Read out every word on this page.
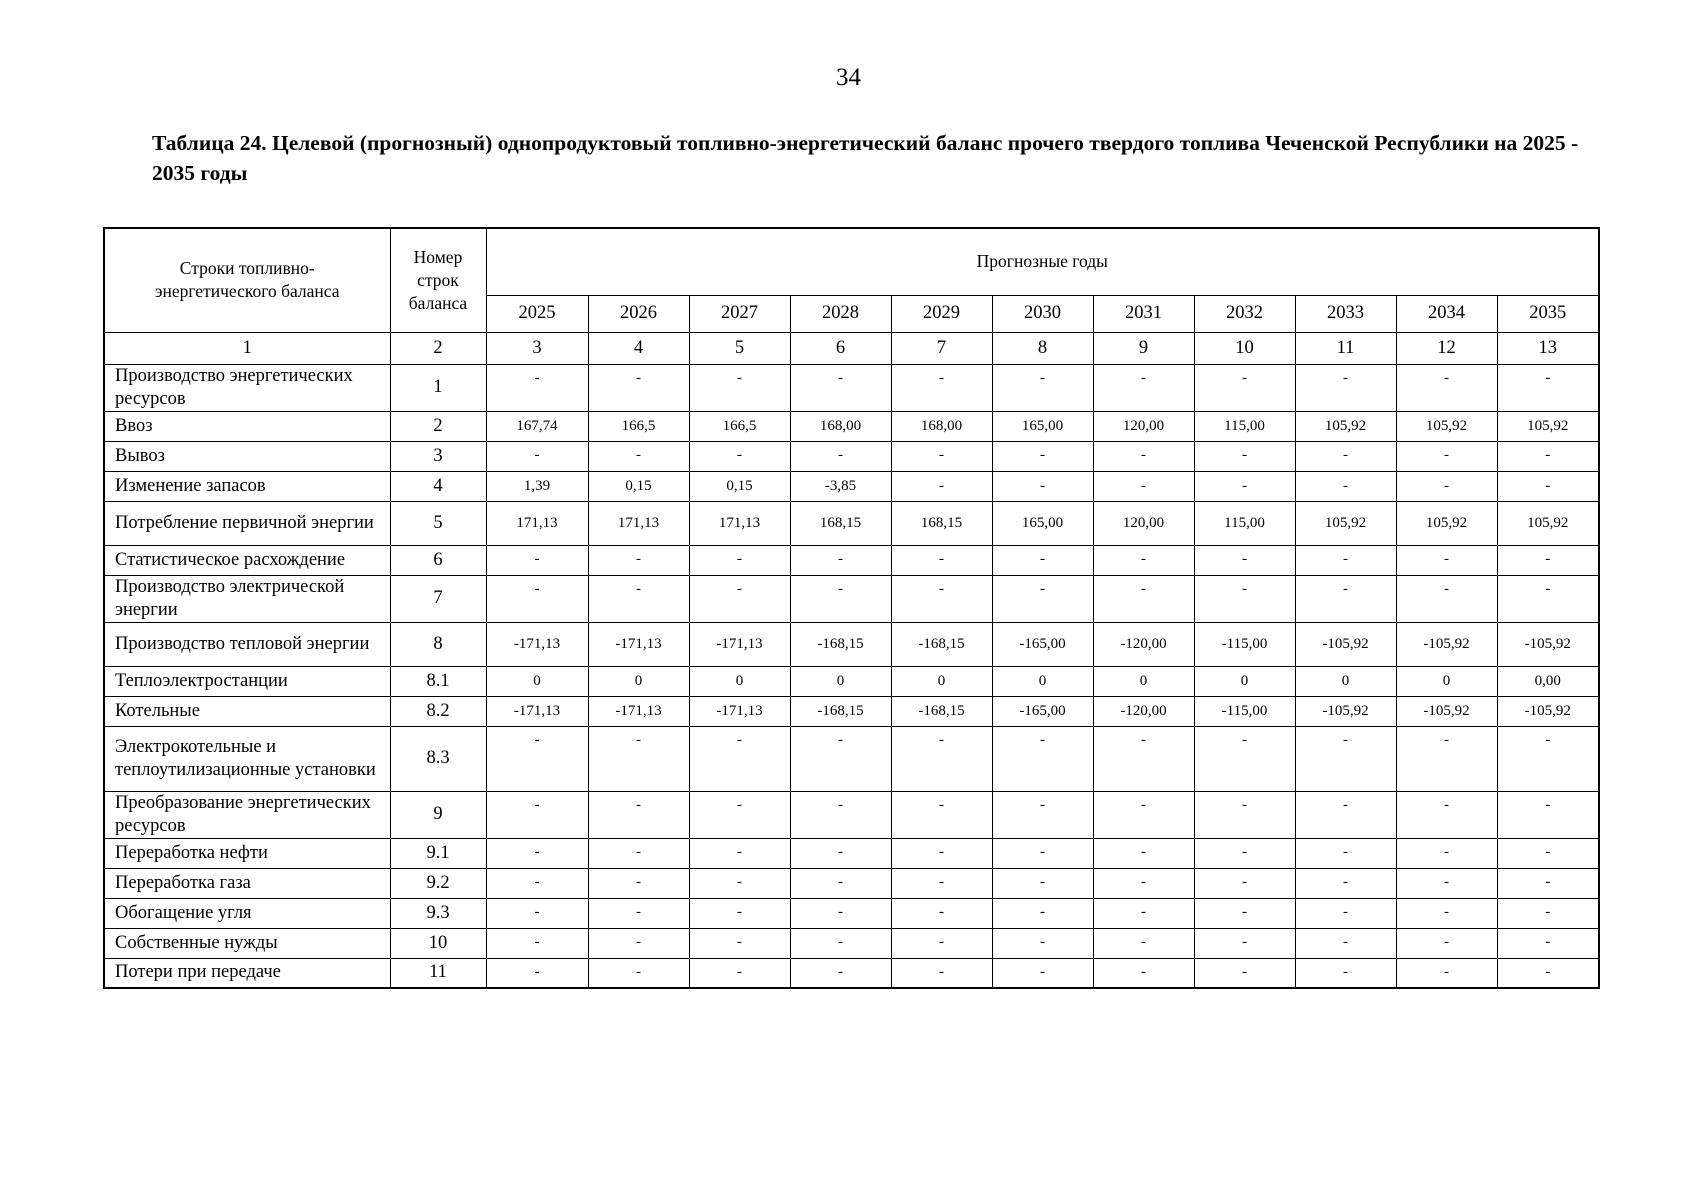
34
Таблица 24. Целевой (прогнозный) однопродуктовый топливно-энергетический баланс прочего твердого топлива Чеченской Республики на 2025 - 2035 годы
Строки топливно-энергетического баланса	Номер строк баланса	Прогнозные годы										
		2025	2026	2027	2028	2029	2030	2031	2032	2033	2034	2035
1	2	3	4	5	6	7	8	9	10	11	12	13
Производство энергетических ресурсов	1	-	-	-	-	-	-	-	-	-	-	-
Ввоз	2	167,74	166,5	166,5	168,00	168,00	165,00	120,00	115,00	105,92	105,92	105,92
Вывоз	3	-	-	-	-	-	-	-	-	-	-	-
Изменение запасов	4	1,39	0,15	0,15	-3,85	-	-	-	-	-	-	-
Потребление первичной энергии	5	171,13	171,13	171,13	168,15	168,15	165,00	120,00	115,00	105,92	105,92	105,92
Статистическое расхождение	6	-	-	-	-	-	-	-	-	-	-	-
Производство электрической энергии	7	-	-	-	-	-	-	-	-	-	-	-
Производство тепловой энергии	8	-171,13	-171,13	-171,13	-168,15	-168,15	-165,00	-120,00	-115,00	-105,92	-105,92	-105,92
Теплоэлектростанции	8.1	0	0	0	0	0	0	0	0	0	0	0,00
Котельные	8.2	-171,13	-171,13	-171,13	-168,15	-168,15	-165,00	-120,00	-115,00	-105,92	-105,92	-105,92
Электрокотельные и теплоутилизационные установки	8.3	-	-	-	-	-	-	-	-	-	-	-
Преобразование энергетических ресурсов	9	-	-	-	-	-	-	-	-	-	-	-
Переработка нефти	9.1	-	-	-	-	-	-	-	-	-	-	-
Переработка газа	9.2	-	-	-	-	-	-	-	-	-	-	-
Обогащение угля	9.3	-	-	-	-	-	-	-	-	-	-	-
Собственные нужды	10	-	-	-	-	-	-	-	-	-	-	-
Потери при передаче	11	-	-	-	-	-	-	-	-	-	-	-
